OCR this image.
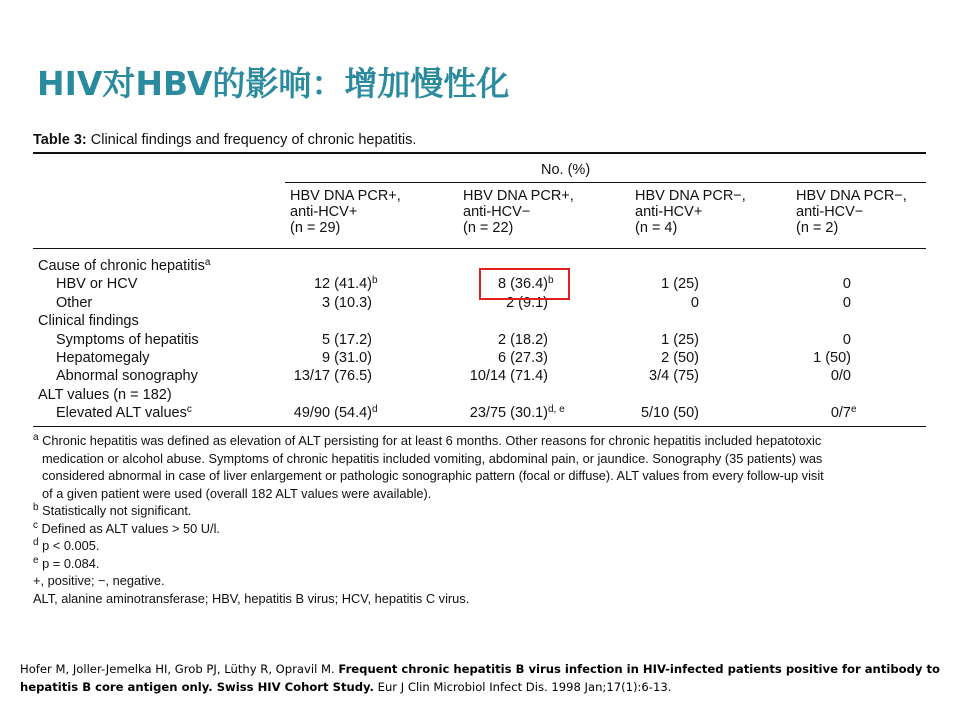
HIV对HBV的影响：增加慢性化
Table 3: Clinical findings and frequency of chronic hepatitis.
No. (%)
HBV DNA PCR+,
anti-HCV+
(n = 29)
HBV DNA PCR+,
anti-HCV−
(n = 22)
HBV DNA PCR−,
anti-HCV+
(n = 4)
HBV DNA PCR−,
anti-HCV−
(n = 2)
Cause of chronic hepatitis$^a$
HBV or HCV	12 $(41.4)^b$	8 $(36.4)^b$	1 (25)	0
Other	3 (10.3)	2 (9.1)	0	0
Clinical findings
Symptoms of hepatitis	5 (17.2)	2 (18.2)	1 (25)	0
Hepatomegaly	9 (31.0)	6 (27.3)	2 (50)	1 (50)
Abnormal sonography	13/17 (76.5)	10/14 (71.4)	3/4 (75)	0/0
ALT values (n = 182)
Elevated ALT values$^c$	49/90 $(54.4)^d$	23/75 $(30.1)^{d, e}$	5/10 (50)	0/7e
$^a$ Chronic hepatitis was defined as elevation of ALT persisting for at least 6 months. Other reasons for chronic hepatitis included hepatotoxic
medication or alcohol abuse. Symptoms of chronic hepatitis included vomiting, abdominal pain, or jaundice. Sonography (35 patients) was
considered abnormal in case of liver enlargement or pathologic sonographic pattern (focal or diffuse). ALT values from every follow-up visit
of a given patient were used (overall 182 ALT values were available).
$^b$ Statistically not significant.
$^c$ Defined as ALT values > 50 U/l.
$^d$ p < 0.005.
$^e$ p = 0.084.
+, positive; −, negative.
ALT, alanine aminotransferase; HBV, hepatitis B virus; HCV, hepatitis C virus.
Hofer M, Joller-Jemelka HI, Grob PJ, Lüthy R, Opravil M. Frequent chronic hepatitis B virus infection in HIV-infected patients positive for antibody to hepatitis B core antigen only. Swiss HIV Cohort Study. Eur J Clin Microbiol Infect Dis. 1998 Jan;17(1):6-13.
